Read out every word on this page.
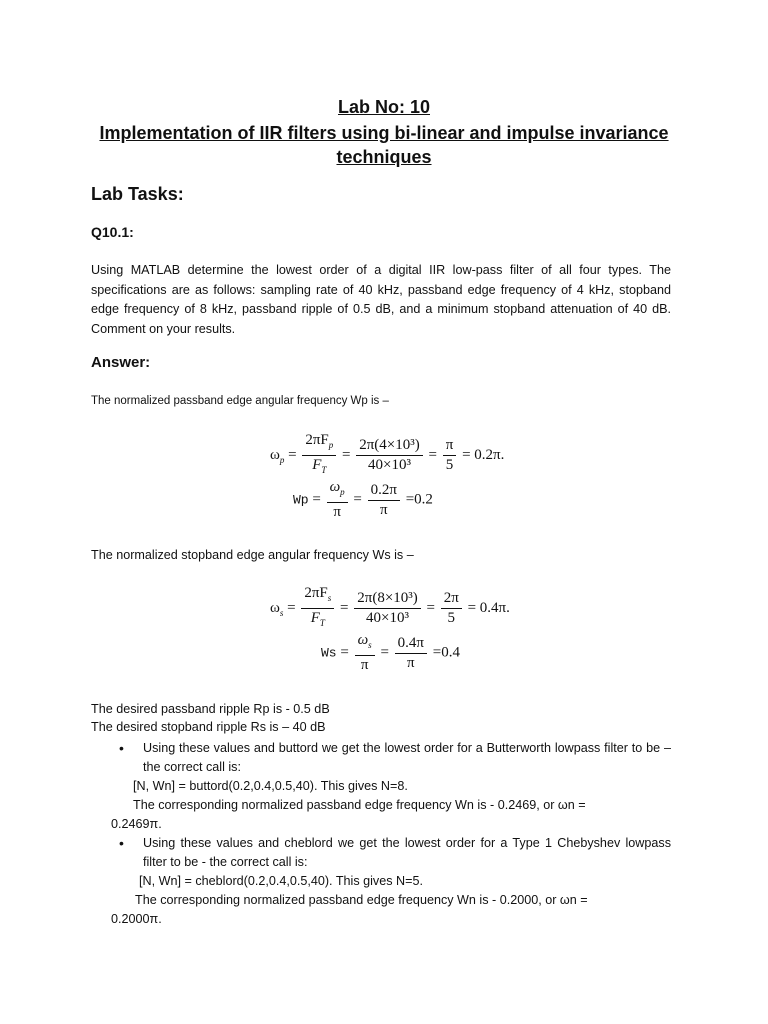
Lab No: 10
Implementation of IIR filters using bi-linear and impulse invariance
techniques
Lab Tasks:
Q10.1:
Using MATLAB determine the lowest order of a digital IIR low-pass filter of all four types. The specifications are as follows: sampling rate of 40 kHz, passband edge frequency of 4 kHz, stopband edge frequency of 8 kHz, passband ripple of 0.5 dB, and a minimum stopband attenuation of 40 dB. Comment on your results.
Answer:
The normalized passband edge angular frequency Wp is –
$\omega_p = \frac{2\pi F_p}{F_T} = \frac{\text{2π(4×10³)}}{\text{40×10³}} = \frac{\pi}{5} = 0.2\pi$.
$Wp = \frac{\omega_p}{\pi} = \frac{0.2\pi}{\pi} =0.2$
The normalized stopband edge angular frequency Ws is –
$\omega_s = \frac{2\pi F_s}{F_T} = \frac{\text{2π(8×10³)}}{\text{40×10³}} = \frac{2\pi}{5} = 0.4\pi$.
$Ws = \frac{\omega_s}{\pi} = \frac{0.4\pi}{\pi} =0.4$
The desired passband ripple Rp is - 0.5 dB
The desired stopband ripple Rs is – 40 dB
• Using these values and buttord we get the lowest order for a Butterworth lowpass filter to be – the correct call is:
[N, Wn] = buttord(0.2,0.4,0.5,40). This gives N=8.
The corresponding normalized passband edge frequency Wn is - 0.2469, or ωn =
0.2469π.
• Using these values and cheblord we get the lowest order for a Type 1 Chebyshev lowpass filter to be - the correct call is:
[N, Wn] = cheblord(0.2,0.4,0.5,40). This gives N=5.
The corresponding normalized passband edge frequency Wn is - 0.2000, or ωn =
0.2000π.
